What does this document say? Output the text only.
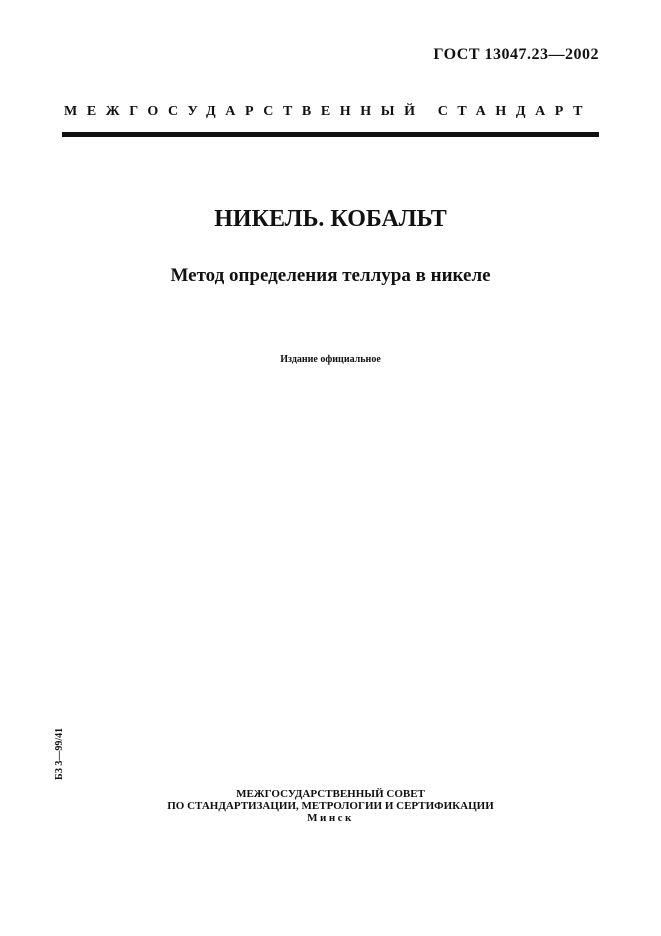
ГОСТ 13047.23—2002
МЕЖГОСУДАРСТВЕННЫЙ СТАНДАРТ
НИКЕЛЬ. КОБАЛЬТ
Метод определения теллура в никеле
Издание официальное
БЗ 3—99/41
МЕЖГОСУДАРСТВЕННЫЙ СОВЕТ
ПО СТАНДАРТИЗАЦИИ, МЕТРОЛОГИИ И СЕРТИФИКАЦИИ
Минск
